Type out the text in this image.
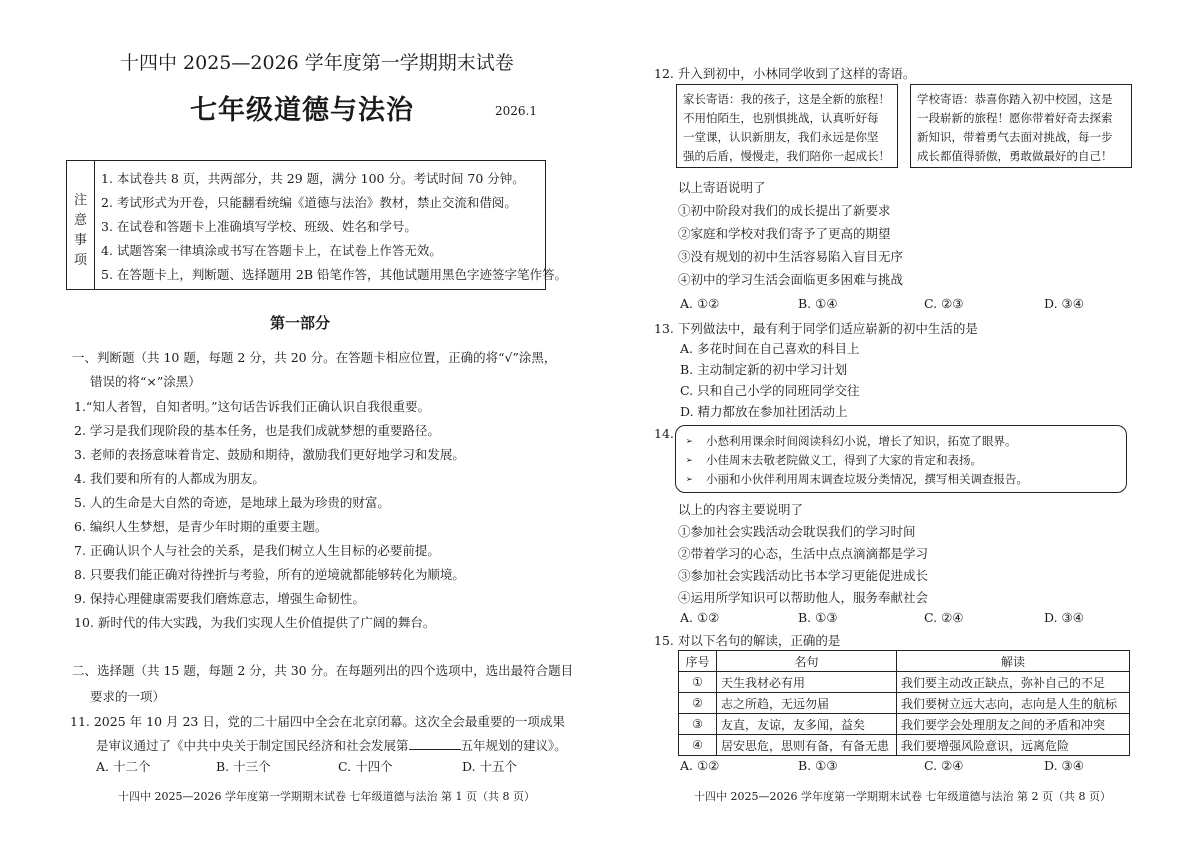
十四中 2025—2026 学年度第一学期期末试卷
七年级道德与法治	2026.1
注
意
事
项
1. 本试卷共 8 页，共两部分，共 29 题，满分 100 分。考试时间 70 分钟。
2. 考试形式为开卷，只能翻看统编《道德与法治》教材，禁止交流和借阅。
3. 在试卷和答题卡上准确填写学校、班级、姓名和学号。
4. 试题答案一律填涂或书写在答题卡上，在试卷上作答无效。
5. 在答题卡上，判断题、选择题用 2B 铅笔作答，其他试题用黑色字迹签字笔作答。
第一部分
一、判断题（共 10 题，每题 2 分，共 20 分。在答题卡相应位置，正确的将“√”涂黑，
错误的将“×”涂黑）
1.“知人者智，自知者明。”这句话告诉我们正确认识自我很重要。
2. 学习是我们现阶段的基本任务，也是我们成就梦想的重要路径。
3. 老师的表扬意味着肯定、鼓励和期待，激励我们更好地学习和发展。
4. 我们要和所有的人都成为朋友。
5. 人的生命是大自然的奇迹，是地球上最为珍贵的财富。
6. 编织人生梦想，是青少年时期的重要主题。
7. 正确认识个人与社会的关系，是我们树立人生目标的必要前提。
8. 只要我们能正确对待挫折与考验，所有的逆境就都能够转化为顺境。
9. 保持心理健康需要我们磨炼意志，增强生命韧性。
10. 新时代的伟大实践，为我们实现人生价值提供了广阔的舞台。
二、选择题（共 15 题，每题 2 分，共 30 分。在每题列出的四个选项中，选出最符合题目
要求的一项）
11. 2025 年 10 月 23 日，党的二十届四中全会在北京闭幕。这次全会最重要的一项成果
是审议通过了《中共中央关于制定国民经济和社会发展第	五年规划的建议》。
A. 十二个	B. 十三个	C. 十四个	D. 十五个
十四中 2025—2026 学年度第一学期期末试卷 七年级道德与法治 第 1 页（共 8 页）
12. 升入到初中，小林同学收到了这样的寄语。
家长寄语：我的孩子，这是全新的旅程！
不用怕陌生，也别惧挑战，认真听好每
一堂课，认识新朋友，我们永远是你坚
强的后盾，慢慢走，我们陪你一起成长！
学校寄语：恭喜你踏入初中校园，这是
一段崭新的旅程！愿你带着好奇去探索
新知识，带着勇气去面对挑战，每一步
成长都值得骄傲，勇敢做最好的自己！
以上寄语说明了
①初中阶段对我们的成长提出了新要求
②家庭和学校对我们寄予了更高的期望
③没有规划的初中生活容易陷入盲目无序
④初中的学习生活会面临更多困难与挑战
A. ①②	B. ①④	C. ②③	D. ③④
13. 下列做法中，最有利于同学们适应崭新的初中生活的是
A. 多花时间在自己喜欢的科目上
B. 主动制定新的初中学习计划
C. 只和自己小学的同班同学交往
D. 精力都放在参加社团活动上
14. ➢ 小愁利用课余时间阅读科幻小说，增长了知识，拓宽了眼界。
➢ 小佳周末去敬老院做义工，得到了大家的肯定和表扬。
➢ 小丽和小伙伴利用周末调查垃圾分类情况，撰写相关调查报告。
以上的内容主要说明了
①参加社会实践活动会耽误我们的学习时间
②带着学习的心态，生活中点点滴滴都是学习
③参加社会实践活动比书本学习更能促进成长
④运用所学知识可以帮助他人，服务奉献社会
A. ①②	B. ①③	C. ②④	D. ③④
15. 对以下名句的解读，正确的是
序号	名句	解读
①	天生我材必有用	我们要主动改正缺点，弥补自己的不足
②	志之所趋，无远勿届	我们要树立远大志向，志向是人生的航标
③	友直，友谅，友多闻，益矣	我们要学会处理朋友之间的矛盾和冲突
④	居安思危，思则有备，有备无患	我们要增强风险意识，远离危险
A. ①②	B. ①③	C. ②④	D. ③④
十四中 2025—2026 学年度第一学期期末试卷 七年级道德与法治 第 2 页（共 8 页）
